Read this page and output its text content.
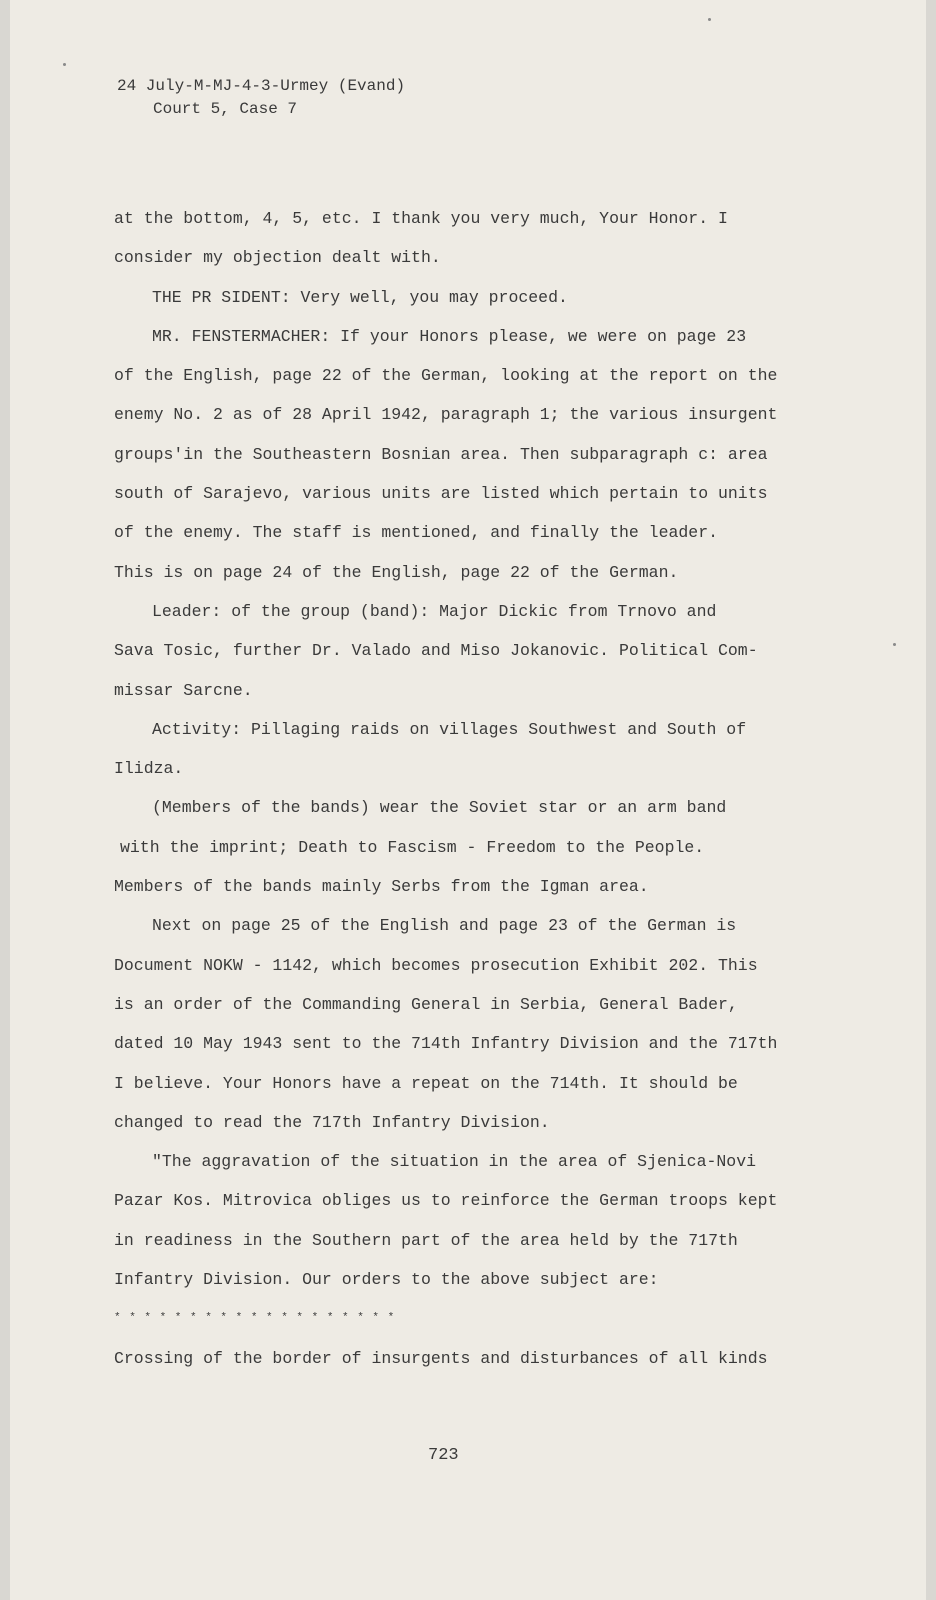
24 July-M-MJ-4-3-Urmey (Evand)
Court 5, Case 7
at the bottom, 4, 5, etc. I thank you very much, Your Honor. I
consider my objection dealt with.
THE PR SIDENT: Very well, you may proceed.
MR. FENSTERMACHER: If your Honors please, we were on page 23
of the English, page 22 of the German, looking at the report on the
enemy No. 2 as of 28 April 1942, paragraph 1; the various insurgent
groups'in the Southeastern Bosnian area. Then subparagraph c: area
south of Sarajevo, various units are listed which pertain to units
of the enemy. The staff is mentioned, and finally the leader.
This is on page 24 of the English, page 22 of the German.
Leader: of the group (band): Major Dickic from Trnovo and
Sava Tosic, further Dr. Valado and Miso Jokanovic. Political Com-
missar Sarcne.
Activity: Pillaging raids on villages Southwest and South of
Ilidza.
(Members of the bands) wear the Soviet star or an arm band
with the imprint; Death to Fascism - Freedom to the People.
Members of the bands mainly Serbs from the Igman area.
Next on page 25 of the English and page 23 of the German is
Document NOKW - 1142, which becomes prosecution Exhibit 202. This
is an order of the Commanding General in Serbia, General Bader,
dated 10 May 1943 sent to the 714th Infantry Division and the 717th
I believe. Your Honors have a repeat on the 714th. It should be
changed to read the 717th Infantry Division.
"The aggravation of the situation in the area of Sjenica-Novi
Pazar Kos. Mitrovica obliges us to reinforce the German troops kept
in readiness in the Southern part of the area held by the 717th
Infantry Division. Our orders to the above subject are:
* * * * * * * * * * * * * * * * * * *
Crossing of the border of insurgents and disturbances of all kinds
723
